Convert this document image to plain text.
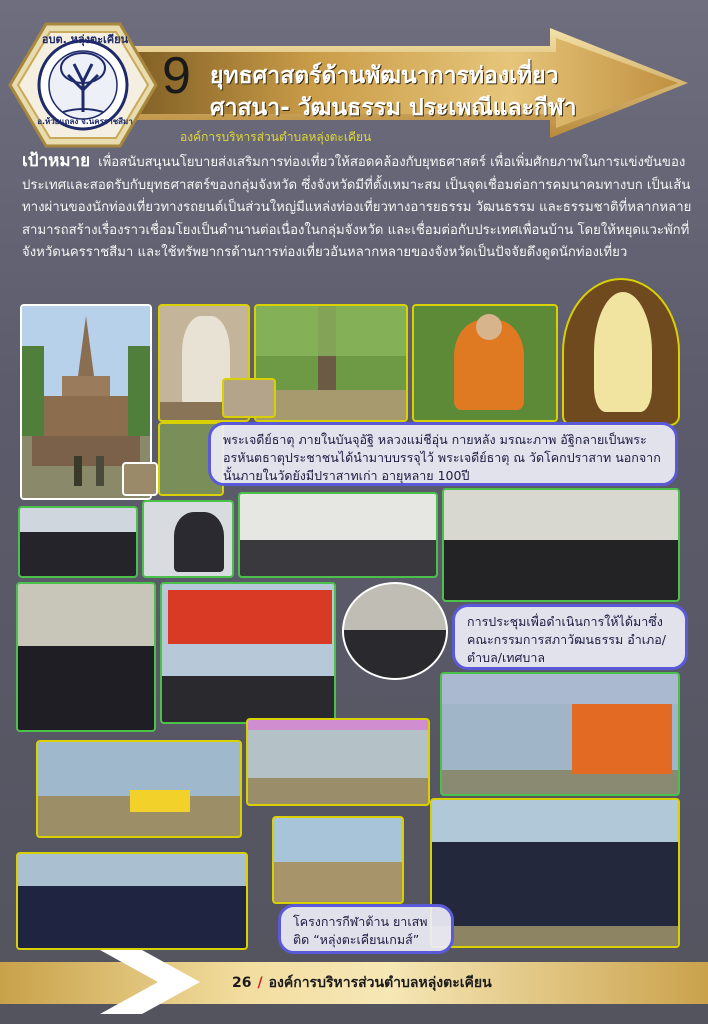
อบต. หลุ่งตะเคียน
อ.ห้วยแถลง จ.นครราชสีมา
9 ยุทธศาสตร์ด้านพัฒนาการท่องเที่ยว
ศาสนา- วัฒนธรรม ประเพณีและกีฬา
องค์การบริหารส่วนตำบลหลุ่งตะเคียน
เป้าหมาย เพื่อสนับสนุนนโยบายส่งเสริมการท่องเที่ยวให้สอดคล้องกับยุทธศาสตร์ เพื่อเพิ่มศักยภาพในการแข่งขันของประเทศและสอดรับกับยุทธศาสตร์ของกลุ่มจังหวัด ซึ่งจังหวัดมีที่ตั้งเหมาะสม เป็นจุดเชื่อมต่อการคมนาคมทางบก เป็นเส้นทางผ่านของนักท่องเที่ยวทางรถยนต์เป็นส่วนใหญ่มีแหล่งท่องเที่ยวทางอารยธรรม วัฒนธรรม และธรรมชาติที่หลากหลาย สามารถสร้างเรื่องราวเชื่อมโยงเป็นตำนานต่อเนื่องในกลุ่มจังหวัด และเชื่อมต่อกับประเทศเพื่อนบ้าน โดยให้หยุดแวะพักที่จังหวัดนครราชสีมา และใช้ทรัพยากรด้านการท่องเที่ยวอันหลากหลายของจังหวัดเป็นปัจจัยดึงดูดนักท่องเที่ยว
พระเจดีย์ธาตุ ภายในบันจุอัฐิ หลวงแม่ชีอุ่น กายหลัง มรณะภาพ อัฐิกลายเป็นพระอรหันตธาตุประชาชนได้นำมาบบรรจุไว้ พระเจดีย์ธาตุ ณ วัดโคกปราสาท นอกจากนั้นภายในวัดยังมีปราสาทเก่า อายุหลาย 100ปี
การประชุมเพื่อดำเนินการให้ได้มาซึ่ง คณะกรรมการสภาวัฒนธรรม อำเภอ/ตำบล/เทศบาล
โครงการกีฬาต้าน ยาเสพติด “หลุ่งตะเคียนเกมส์”
26 / องค์การบริหารส่วนตำบลหลุ่งตะเคียน
